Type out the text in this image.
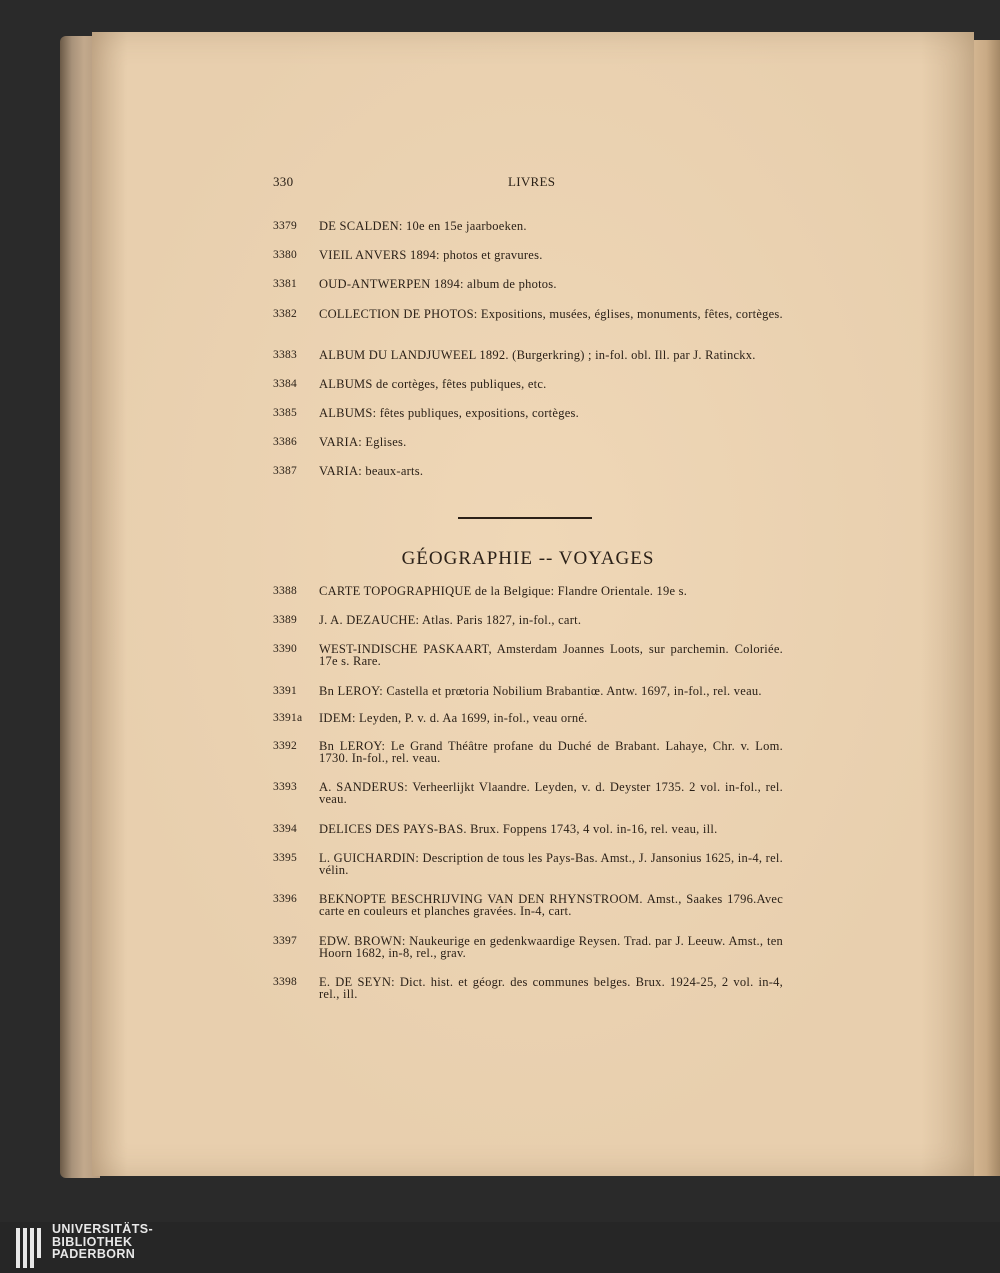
330	LIVRES
3379	DE SCALDEN: 10e en 15e jaarboeken.
3380	VIEIL ANVERS 1894: photos et gravures.
3381	OUD-ANTWERPEN 1894: album de photos.
3382	COLLECTION DE PHOTOS: Expositions, musées, églises, monuments, fêtes, cortèges.
3383	ALBUM DU LANDJUWEEL 1892. (Burgerkring) ; in-fol. obl. Ill. par J. Ratinckx.
3384	ALBUMS de cortèges, fêtes publiques, etc.
3385	ALBUMS: fêtes publiques, expositions, cortèges.
3386	VARIA: Eglises.
3387	VARIA: beaux-arts.
GÉOGRAPHIE -- VOYAGES
3388	CARTE TOPOGRAPHIQUE de la Belgique: Flandre Orientale. 19e s.
3389	J. A. DEZAUCHE: Atlas. Paris 1827, in-fol., cart.
3390	WEST-INDISCHE PASKAART, Amsterdam Joannes Loots, sur parchemin. Coloriée. 17e s. Rare.
3391	Bn LEROY: Castella et prœtoria Nobilium Brabantiœ. Antw. 1697, in-fol., rel. veau.
3391a	IDEM: Leyden, P. v. d. Aa 1699, in-fol., veau orné.
3392	Bn LEROY: Le Grand Théâtre profane du Duché de Brabant. Lahaye, Chr. v. Lom. 1730. In-fol., rel. veau.
3393	A. SANDERUS: Verheerlijkt Vlaandre. Leyden, v. d. Deyster 1735. 2 vol. in-fol., rel. veau.
3394	DELICES DES PAYS-BAS. Brux. Foppens 1743, 4 vol. in-16, rel. veau, ill.
3395	L. GUICHARDIN: Description de tous les Pays-Bas. Amst., J. Jansonius 1625, in-4, rel. vélin.
3396	BEKNOPTE BESCHRIJVING VAN DEN RHYNSTROOM. Amst., Saakes 1796.Avec carte en couleurs et planches gravées. In-4, cart.
3397	EDW. BROWN: Naukeurige en gedenkwaardige Reysen. Trad. par J. Leeuw. Amst., ten Hoorn 1682, in-8, rel., grav.
3398	E. DE SEYN: Dict. hist. et géogr. des communes belges. Brux. 1924-25, 2 vol. in-4, rel., ill.
UNIVERSITÄTS-
BIBLIOTHEK
PADERBORN
